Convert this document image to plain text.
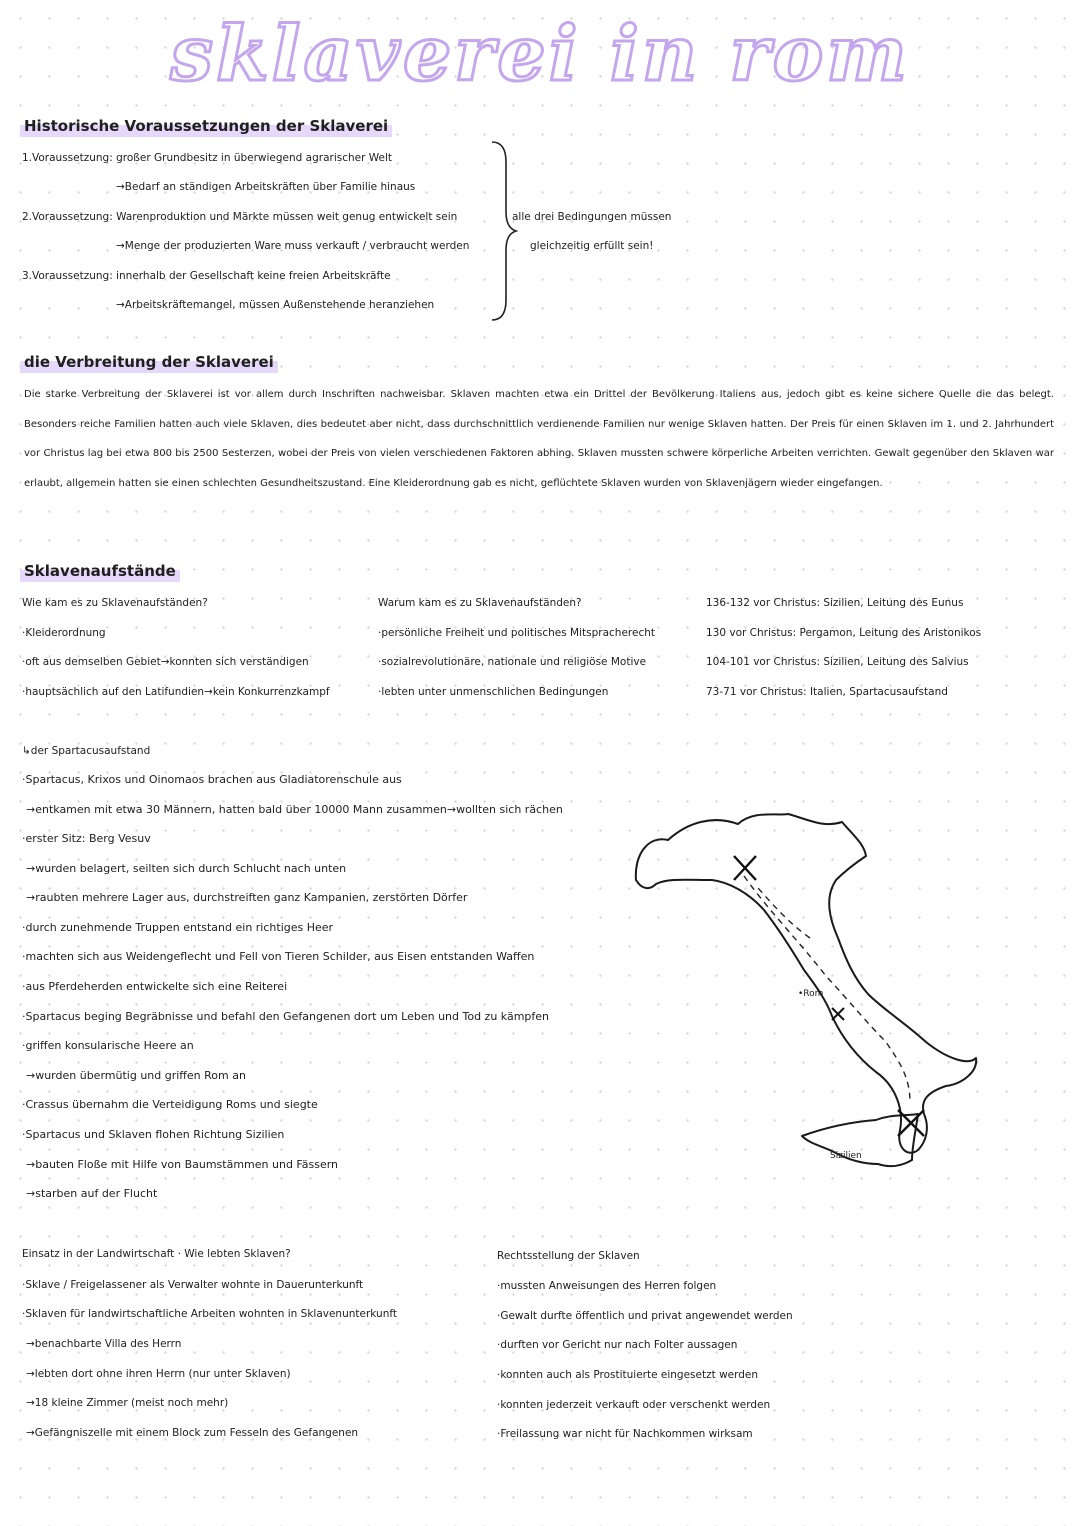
sklaverei in rom
Historische Voraussetzungen der Sklaverei
1.Voraussetzung: großer Grundbesitz in überwiegend agrarischer Welt
→Bedarf an ständigen Arbeitskräften über Familie hinaus
2.Voraussetzung: Warenproduktion und Märkte müssen weit genug entwickelt sein
→Menge der produzierten Ware muss verkauft / verbraucht werden
3.Voraussetzung: innerhalb der Gesellschaft keine freien Arbeitskräfte
→Arbeitskräftemangel, müssen Außenstehende heranziehen
alle drei Bedingungen müssen
gleichzeitig erfüllt sein!
die Verbreitung der Sklaverei
Die starke Verbreitung der Sklaverei ist vor allem durch Inschriften nachweisbar. Sklaven machten etwa ein Drittel der Bevölkerung Italiens aus, jedoch gibt es keine sichere Quelle die das belegt. Besonders reiche Familien hatten auch viele Sklaven, dies bedeutet aber nicht, dass durchschnittlich verdienende Familien nur wenige Sklaven hatten. Der Preis für einen Sklaven im 1. und 2. Jahrhundert vor Christus lag bei etwa 800 bis 2500 Sesterzen, wobei der Preis von vielen verschiedenen Faktoren abhing. Sklaven mussten schwere körperliche Arbeiten verrichten. Gewalt gegenüber den Sklaven war erlaubt, allgemein hatten sie einen schlechten Gesundheitszustand. Eine Kleiderordnung gab es nicht, geflüchtete Sklaven wurden von Sklavenjägern wieder eingefangen.
Sklavenaufstände
Wie kam es zu Sklavenaufständen?
·Kleiderordnung
·oft aus demselben Gebiet→konnten sich verständigen
·hauptsächlich auf den Latifundien→kein Konkurrenzkampf
Warum kam es zu Sklavenaufständen?
·persönliche Freiheit und politisches Mitspracherecht
·sozialrevolutionäre, nationale und religiöse Motive
·lebten unter unmenschlichen Bedingungen
136-132 vor Christus: Sizilien, Leitung des Eunus
130 vor Christus: Pergamon, Leitung des Aristonikos
104-101 vor Christus: Sizilien, Leitung des Salvius
73-71 vor Christus: Italien, Spartacusaufstand
↳der Spartacusaufstand
·Spartacus, Krixos und Oinomaos brachen aus Gladiatorenschule aus
→entkamen mit etwa 30 Männern, hatten bald über 10000 Mann zusammen→wollten sich rächen
·erster Sitz: Berg Vesuv
→wurden belagert, seilten sich durch Schlucht nach unten
→raubten mehrere Lager aus, durchstreiften ganz Kampanien, zerstörten Dörfer
·durch zunehmende Truppen entstand ein richtiges Heer
·machten sich aus Weidengeflecht und Fell von Tieren Schilder, aus Eisen entstanden Waffen
·aus Pferdeherden entwickelte sich eine Reiterei
·Spartacus beging Begräbnisse und befahl den Gefangenen dort um Leben und Tod zu kämpfen
·griffen konsularische Heere an
→wurden übermütig und griffen Rom an
·Crassus übernahm die Verteidigung Roms und siegte
·Spartacus und Sklaven flohen Richtung Sizilien
→bauten Floße mit Hilfe von Baumstämmen und Fässern
→starben auf der Flucht
•Rom
Sizilien
Einsatz in der Landwirtschaft · Wie lebten Sklaven?
·Sklave / Freigelassener als Verwalter wohnte in Dauerunterkunft
·Sklaven für landwirtschaftliche Arbeiten wohnten in Sklavenunterkunft
→benachbarte Villa des Herrn
→lebten dort ohne ihren Herrn (nur unter Sklaven)
→18 kleine Zimmer (meist noch mehr)
→Gefängniszelle mit einem Block zum Fesseln des Gefangenen
Rechtsstellung der Sklaven
·mussten Anweisungen des Herren folgen
·Gewalt durfte öffentlich und privat angewendet werden
·durften vor Gericht nur nach Folter aussagen
·konnten auch als Prostituierte eingesetzt werden
·konnten jederzeit verkauft oder verschenkt werden
·Freilassung war nicht für Nachkommen wirksam
